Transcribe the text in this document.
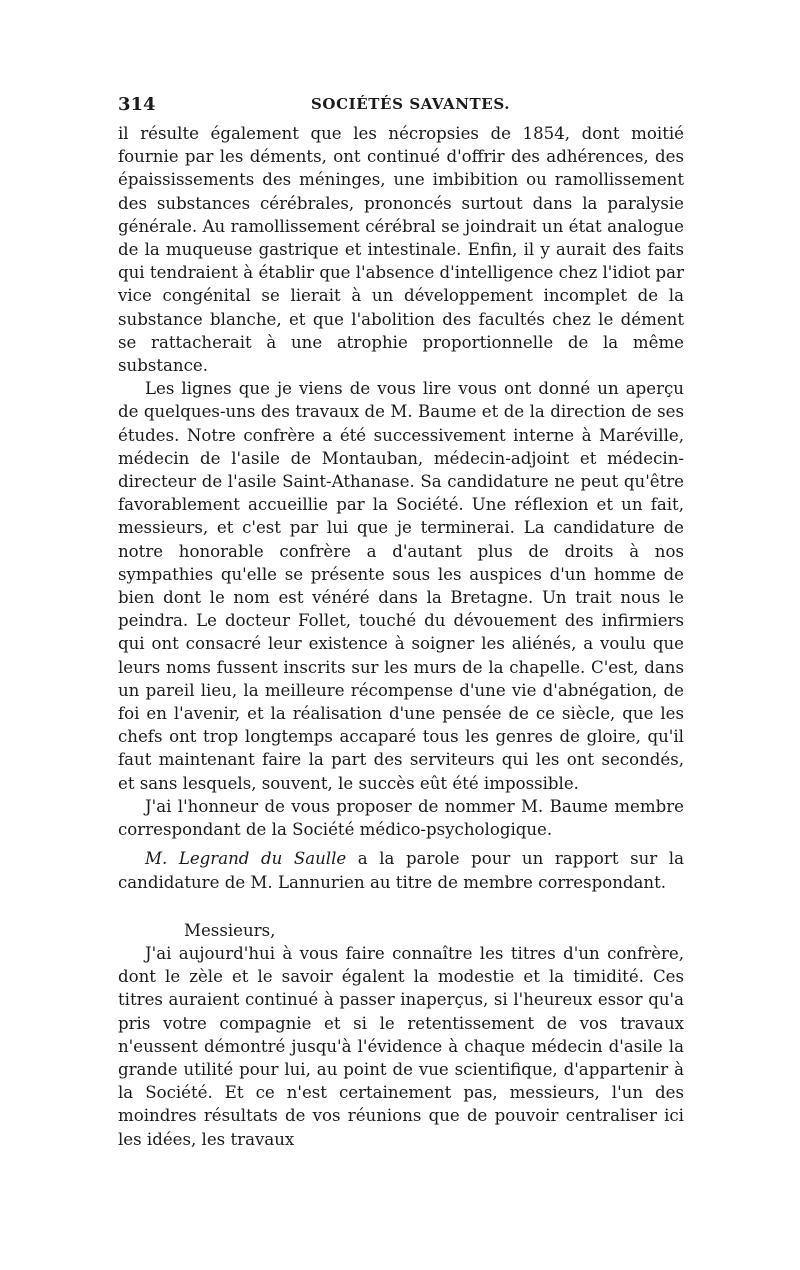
314	SOCIÉTÉS SAVANTES.

il résulte également que les nécropsies de 1854, dont moitié fournie par les déments, ont continué d'offrir des adhérences, des épaississements des méninges, une imbibition ou ramollissement des substances cérébrales, prononcés surtout dans la paralysie générale. Au ramollissement cérébral se joindrait un état analogue de la muqueuse gastrique et intestinale. Enfin, il y aurait des faits qui tendraient à établir que l'absence d'intelligence chez l'idiot par vice congénital se lierait à un développement incomplet de la substance blanche, et que l'abolition des facultés chez le dément se rattacherait à une atrophie proportionnelle de la même substance.

Les lignes que je viens de vous lire vous ont donné un aperçu de quelques-uns des travaux de M. Baume et de la direction de ses études. Notre confrère a été successivement interne à Maréville, médecin de l'asile de Montauban, médecin-adjoint et médecin-directeur de l'asile Saint-Athanase. Sa candidature ne peut qu'être favorablement accueillie par la Société. Une réflexion et un fait, messieurs, et c'est par lui que je terminerai. La candidature de notre honorable confrère a d'autant plus de droits à nos sympathies qu'elle se présente sous les auspices d'un homme de bien dont le nom est vénéré dans la Bretagne. Un trait nous le peindra. Le docteur Follet, touché du dévouement des infirmiers qui ont consacré leur existence à soigner les aliénés, a voulu que leurs noms fussent inscrits sur les murs de la chapelle. C'est, dans un pareil lieu, la meilleure récompense d'une vie d'abnégation, de foi en l'avenir, et la réalisation d'une pensée de ce siècle, que les chefs ont trop longtemps accaparé tous les genres de gloire, qu'il faut maintenant faire la part des serviteurs qui les ont secondés, et sans lesquels, souvent, le succès eût été impossible.

J'ai l'honneur de vous proposer de nommer M. Baume membre correspondant de la Société médico-psychologique.

M. Legrand du Saulle a la parole pour un rapport sur la candidature de M. Lannurien au titre de membre correspondant.

Messieurs,

J'ai aujourd'hui à vous faire connaître les titres d'un confrère, dont le zèle et le savoir égalent la modestie et la timidité. Ces titres auraient continué à passer inaperçus, si l'heureux essor qu'a pris votre compagnie et si le retentissement de vos travaux n'eussent démontré jusqu'à l'évidence à chaque médecin d'asile la grande utilité pour lui, au point de vue scientifique, d'appartenir à la Société. Et ce n'est certainement pas, messieurs, l'un des moindres résultats de vos réunions que de pouvoir centraliser ici les idées, les travaux
